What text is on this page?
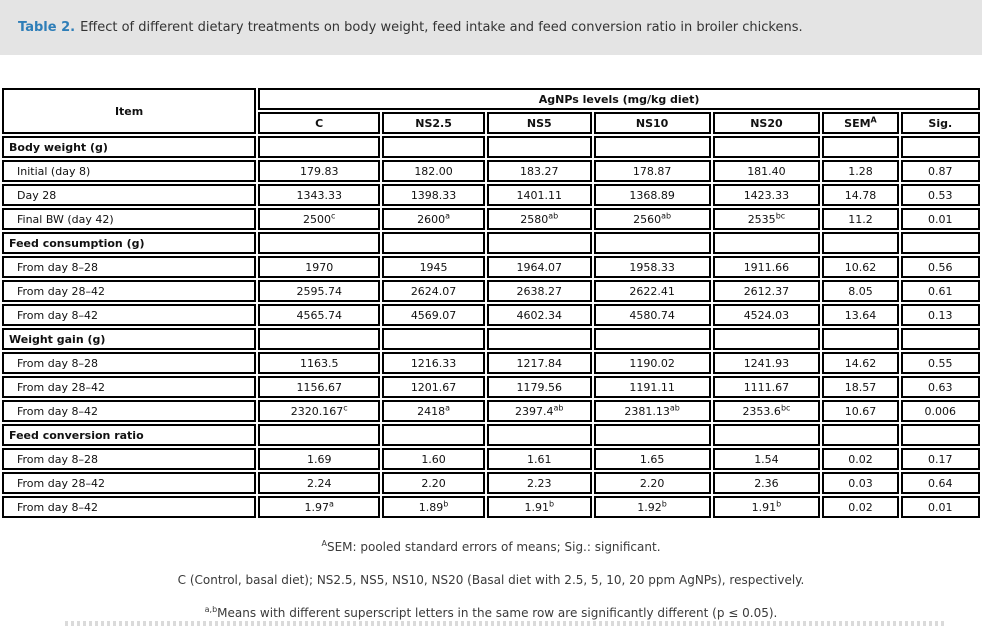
Table 2. Effect of different dietary treatments on body weight, feed intake and feed conversion ratio in broiler chickens.
Item	AgNPs levels (mg/kg diet)						
	C	NS2.5	NS5	NS10	NS20	$SEM^A$	Sig.
Body weight (g)							
Initial (day 8)	179.83	182.00	183.27	178.87	181.40	1.28	0.87
Day 28	1343.33	1398.33	1401.11	1368.89	1423.33	14.78	0.53
Final BW (day 42)	2500$^c$	2600$^a$	$2580^{ab}$	$2560^{ab}$	$2535^{bc}$	11.2	0.01
Feed consumption (g)							
From day 8–28	1970	1945	1964.07	1958.33	1911.66	10.62	0.56
From day 28–42	2595.74	2624.07	2638.27	2622.41	2612.37	8.05	0.61
From day 8–42	4565.74	4569.07	4602.34	4580.74	4524.03	13.64	0.13
Weight gain (g)							
From day 8–28	1163.5	1216.33	1217.84	1190.02	1241.93	14.62	0.55
From day 28–42	1156.67	1201.67	1179.56	1191.11	1111.67	18.57	0.63
From day 8–42	2320.167$^c$	2418$^a$	2397.4$^{ab}$	2381.13$^{ab}$	2353.6$^{bc}$	10.67	0.006
Feed conversion ratio							
From day 8–28	1.69	1.60	1.61	1.65	1.54	0.02	0.17
From day 28–42	2.24	2.20	2.23	2.20	2.36	0.03	0.64
From day 8–42	1.97$^a$	1.89$^b$	1.91$^b$	1.92$^b$	1.91$^b$	0.02	0.01

$^A$SEM: pooled standard errors of means; Sig.: significant.

C (Control, basal diet); NS2.5, NS5, NS10, NS20 (Basal diet with 2.5, 5, 10, 20 ppm AgNPs), respectively.

$^{a,b}$Means with different superscript letters in the same row are significantly different (p ≤ 0.05).
